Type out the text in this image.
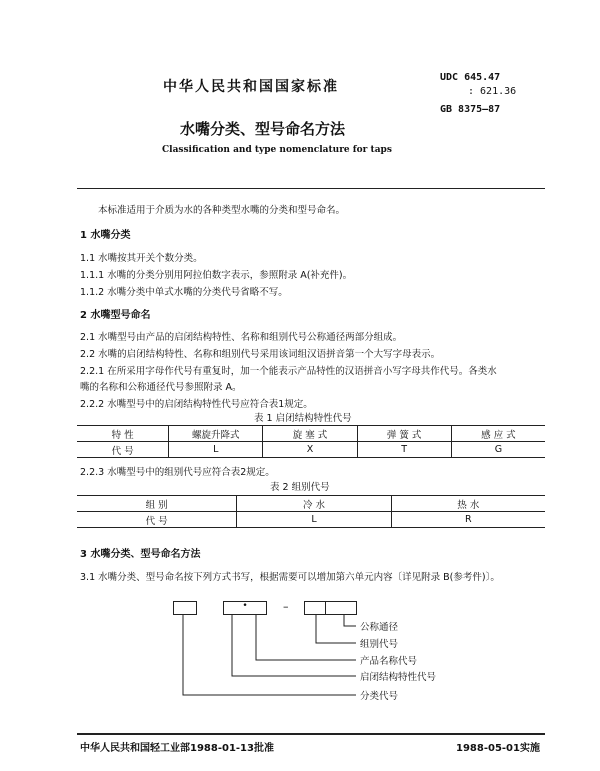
中华人民共和国国家标准
UDC 645.47
: 621.36
GB 8375—87
水嘴分类、型号命名方法
Classification and type nomenclature for taps
本标准适用于介质为水的各种类型水嘴的分类和型号命名。
1 水嘴分类
1.1 水嘴按其开关个数分类。
1.1.1 水嘴的分类分别用阿拉伯数字表示，参照附录 A(补充件)。
1.1.2 水嘴分类中单式水嘴的分类代号省略不写。
2 水嘴型号命名
2.1 水嘴型号由产品的启闭结构特性、名称和组别代号公称通径两部分组成。
2.2 水嘴的启闭结构特性、名称和组别代号采用该词组汉语拼音第一个大写字母表示。
2.2.1 在所采用字母作代号有重复时，加一个能表示产品特性的汉语拼音小写字母共作代号。各类水
嘴的名称和公称通径代号参照附录 A。
2.2.2 水嘴型号中的启闭结构特性代号应符合表1规定。
表 1 启闭结构特性代号
特 性	螺旋升降式	旋 塞 式	弹 簧 式	感 应 式
代 号	L	X	T	G
2.2.3 水嘴型号中的组别代号应符合表2规定。
表 2 组别代号
组 别	冷 水	热 水
代 号	L	R
3 水嘴分类、型号命名方法
3.1 水嘴分类、型号命名按下列方式书写，根据需要可以增加第六单元内容〔详见附录 B(参考件)〕。
•	–
公称通径
组别代号
产品名称代号
启闭结构特性代号
分类代号
中华人民共和国轻工业部1988-01-13批准	1988-05-01实施
